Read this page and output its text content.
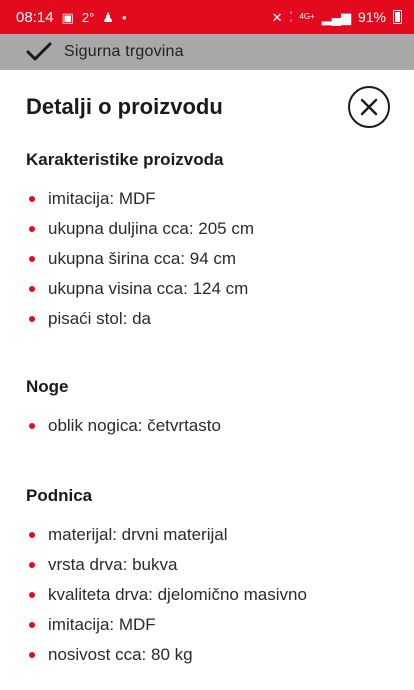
08:14 ▣ 2° ♟ •	✕ ◦
◦ 4G+ ▂▄▆ 91%
Sigurna trgovina
Detalji o proizvodu
Karakteristike proizvoda
imitacija: MDF
ukupna duljina cca: 205 cm
ukupna širina cca: 94 cm
ukupna visina cca: 124 cm
pisaći stol: da
Noge
oblik nogica: četvrtasto
Podnica
materijal: drvni materijal
vrsta drva: bukva
kvaliteta drva: djelomično masivno
imitacija: MDF
nosivost cca: 80 kg
